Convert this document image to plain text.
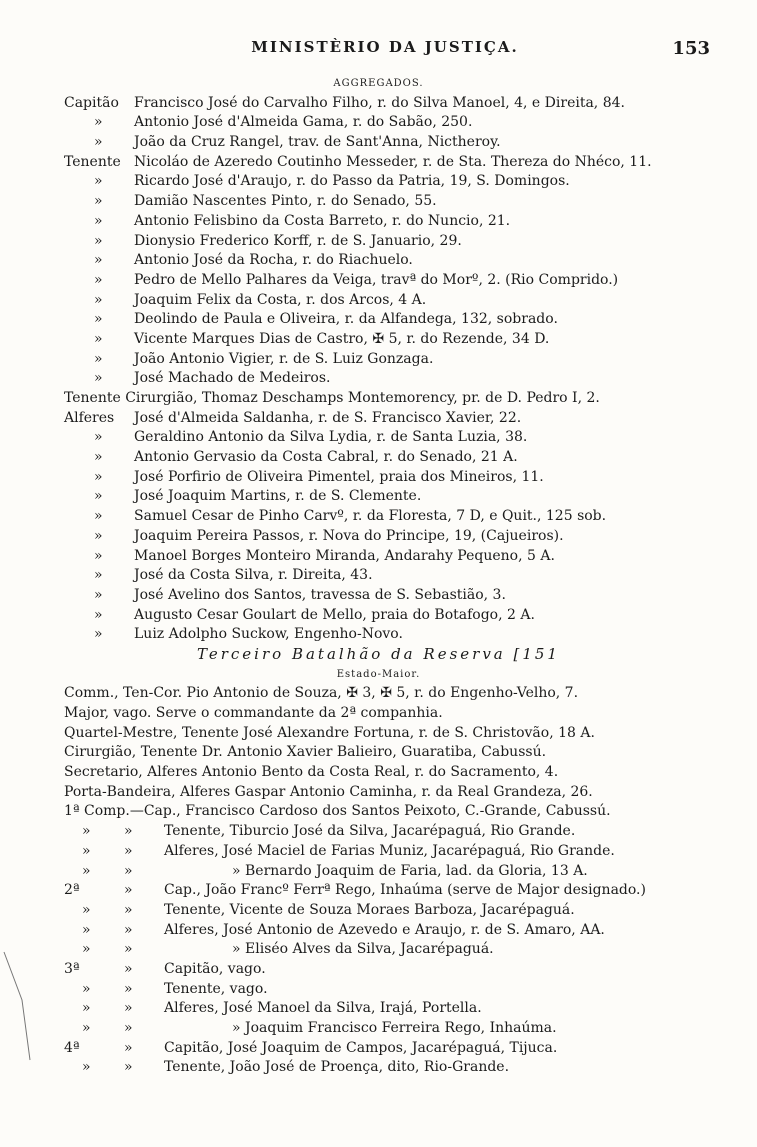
MINISTÈRIO DA JUSTIÇA.	153
AGGREGADOS.
Capitão Francisco José do Carvalho Filho, r. do Silva Manoel, 4, e Direita, 84.
» Antonio José d'Almeida Gama, r. do Sabão, 250.
» João da Cruz Rangel, trav. de Sant'Anna, Nictheroy.
Tenente Nicoláo de Azeredo Coutinho Messeder, r. de Sta. Thereza do Nhéco, 11.
» Ricardo José d'Araujo, r. do Passo da Patria, 19, S. Domingos.
» Damião Nascentes Pinto, r. do Senado, 55.
» Antonio Felisbino da Costa Barreto, r. do Nuncio, 21.
» Dionysio Frederico Korff, r. de S. Januario, 29.
» Antonio José da Rocha, r. do Riachuelo.
» Pedro de Mello Palhares da Veiga, travª do Morº, 2. (Rio Comprido.)
» Joaquim Felix da Costa, r. dos Arcos, 4 A.
» Deolindo de Paula e Oliveira, r. da Alfandega, 132, sobrado.
» Vicente Marques Dias de Castro, ✠ 5, r. do Rezende, 34 D.
» João Antonio Vigier, r. de S. Luiz Gonzaga.
» José Machado de Medeiros.
Tenente Cirurgião, Thomaz Deschamps Montemorency, pr. de D. Pedro I, 2.
Alferes José d'Almeida Saldanha, r. de S. Francisco Xavier, 22.
» Geraldino Antonio da Silva Lydia, r. de Santa Luzia, 38.
» Antonio Gervasio da Costa Cabral, r. do Senado, 21 A.
» José Porfirio de Oliveira Pimentel, praia dos Mineiros, 11.
» José Joaquim Martins, r. de S. Clemente.
» Samuel Cesar de Pinho Carvº, r. da Floresta, 7 D, e Quit., 125 sob.
» Joaquim Pereira Passos, r. Nova do Principe, 19, (Cajueiros).
» Manoel Borges Monteiro Miranda, Andarahy Pequeno, 5 A.
» José da Costa Silva, r. Direita, 43.
» José Avelino dos Santos, travessa de S. Sebastião, 3.
» Augusto Cesar Goulart de Mello, praia do Botafogo, 2 A.
» Luiz Adolpho Suckow, Engenho-Novo.
Terceiro Batalhão da Reserva [151
Estado-Maior.
Comm., Ten-Cor. Pio Antonio de Souza, ✠ 3, ✠ 5, r. do Engenho-Velho, 7.
Major, vago. Serve o commandante da 2ª companhia.
Quartel-Mestre, Tenente José Alexandre Fortuna, r. de S. Christovão, 18 A.
Cirurgião, Tenente Dr. Antonio Xavier Balieiro, Guaratiba, Cabussú.
Secretario, Alferes Antonio Bento da Costa Real, r. do Sacramento, 4.
Porta-Bandeira, Alferes Gaspar Antonio Caminha, r. da Real Grandeza, 26.
1ª Comp.—Cap., Francisco Cardoso dos Santos Peixoto, C.-Grande, Cabussú.
» » Tenente, Tiburcio José da Silva, Jacarépaguá, Rio Grande.
» » Alferes, José Maciel de Farias Muniz, Jacarépaguá, Rio Grande.
» »	» Bernardo Joaquim de Faria, lad. da Gloria, 13 A.
2ª	» Cap., João Francº Ferrª Rego, Inhaúma (serve de Major designado.)
» » Tenente, Vicente de Souza Moraes Barboza, Jacarépaguá.
» » Alferes, José Antonio de Azevedo e Araujo, r. de S. Amaro, AA.
» »	» Eliséo Alves da Silva, Jacarépaguá.
3ª	» Capitão, vago.
» » Tenente, vago.
» » Alferes, José Manoel da Silva, Irajá, Portella.
» »	» Joaquim Francisco Ferreira Rego, Inhaúma.
4ª	» Capitão, José Joaquim de Campos, Jacarépaguá, Tijuca.
» » Tenente, João José de Proença, dito, Rio-Grande.
